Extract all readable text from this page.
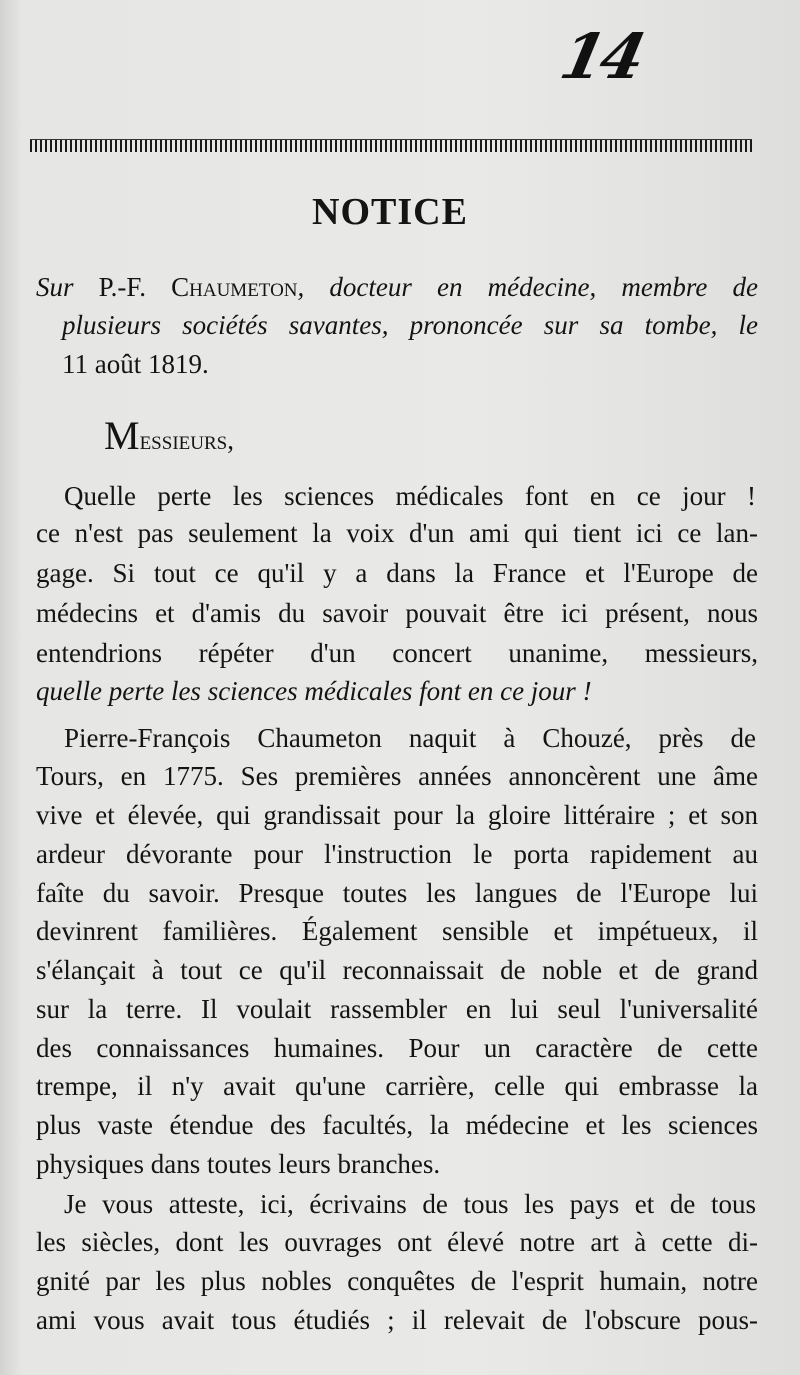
14
NOTICE
Sur P.-F. Chaumeton, docteur en médecine, membre de
plusieurs sociétés savantes, prononcée sur sa tombe, le
11 août 1819.
Messieurs,
Quelle perte les sciences médicales font en ce jour !
ce n'est pas seulement la voix d'un ami qui tient ici ce lan-
gage. Si tout ce qu'il y a dans la France et l'Europe de
médecins et d'amis du savoir pouvait être ici présent, nous
entendrions répéter d'un concert unanime, messieurs,
quelle perte les sciences médicales font en ce jour !
Pierre-François Chaumeton naquit à Chouzé, près de
Tours, en 1775. Ses premières années annoncèrent une âme
vive et élevée, qui grandissait pour la gloire littéraire ; et son
ardeur dévorante pour l'instruction le porta rapidement au
faîte du savoir. Presque toutes les langues de l'Europe lui
devinrent familières. Également sensible et impétueux, il
s'élançait à tout ce qu'il reconnaissait de noble et de grand
sur la terre. Il voulait rassembler en lui seul l'universalité
des connaissances humaines. Pour un caractère de cette
trempe, il n'y avait qu'une carrière, celle qui embrasse la
plus vaste étendue des facultés, la médecine et les sciences
physiques dans toutes leurs branches.
Je vous atteste, ici, écrivains de tous les pays et de tous
les siècles, dont les ouvrages ont élevé notre art à cette di-
gnité par les plus nobles conquêtes de l'esprit humain, notre
ami vous avait tous étudiés ; il relevait de l'obscure pous-
